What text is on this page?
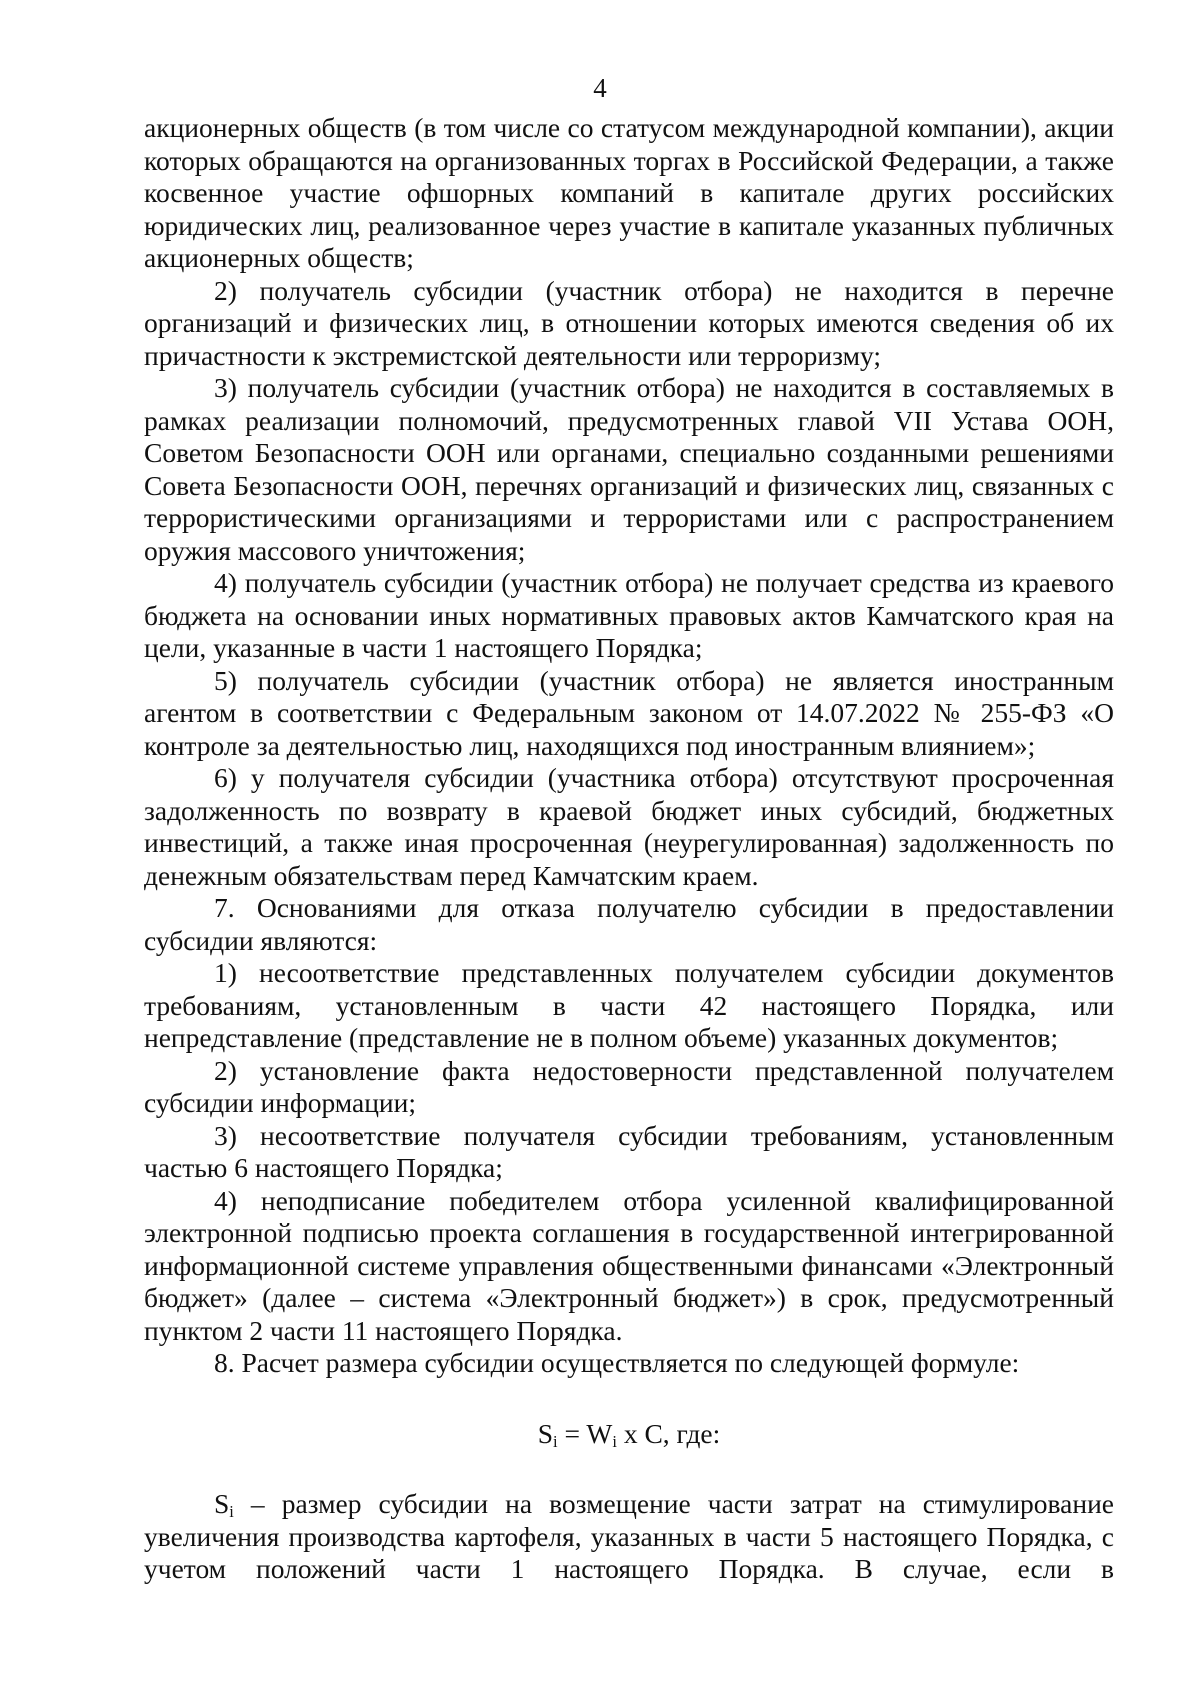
4

акционерных обществ (в том числе со статусом международной компании), акции которых обращаются на организованных торгах в Российской Федерации, а также косвенное участие офшорных компаний в капитале других российских юридических лиц, реализованное через участие в капитале указанных публичных акционерных обществ;

2) получатель субсидии (участник отбора) не находится в перечне организаций и физических лиц, в отношении которых имеются сведения об их причастности к экстремистской деятельности или терроризму;

3) получатель субсидии (участник отбора) не находится в составляемых в рамках реализации полномочий, предусмотренных главой VII Устава ООН, Советом Безопасности ООН или органами, специально созданными решениями Совета Безопасности ООН, перечнях организаций и физических лиц, связанных с террористическими организациями и террористами или с распространением оружия массового уничтожения;

4) получатель субсидии (участник отбора) не получает средства из краевого бюджета на основании иных нормативных правовых актов Камчатского края на цели, указанные в части 1 настоящего Порядка;

5) получатель субсидии (участник отбора) не является иностранным агентом в соответствии с Федеральным законом от 14.07.2022 № 255-ФЗ «О контроле за деятельностью лиц, находящихся под иностранным влиянием»;

6) у получателя субсидии (участника отбора) отсутствуют просроченная задолженность по возврату в краевой бюджет иных субсидий, бюджетных инвестиций, а также иная просроченная (неурегулированная) задолженность по денежным обязательствам перед Камчатским краем.

7. Основаниями для отказа получателю субсидии в предоставлении субсидии являются:

1) несоответствие представленных получателем субсидии документов требованиям, установленным в части 42 настоящего Порядка, или непредставление (представление не в полном объеме) указанных документов;

2) установление факта недостоверности представленной получателем субсидии информации;

3) несоответствие получателя субсидии требованиям, установленным частью 6 настоящего Порядка;

4) неподписание победителем отбора усиленной квалифицированной электронной подписью проекта соглашения в государственной интегрированной информационной системе управления общественными финансами «Электронный бюджет» (далее – система «Электронный бюджет») в срок, предусмотренный пунктом 2 части 11 настоящего Порядка.

8. Расчет размера субсидии осуществляется по следующей формуле:

$S_i = W_i$ х С, где:

$S_i$ – размер субсидии на возмещение части затрат на стимулирование увеличения производства картофеля, указанных в части 5 настоящего Порядка, с учетом положений части 1 настоящего Порядка. В случае, если в
